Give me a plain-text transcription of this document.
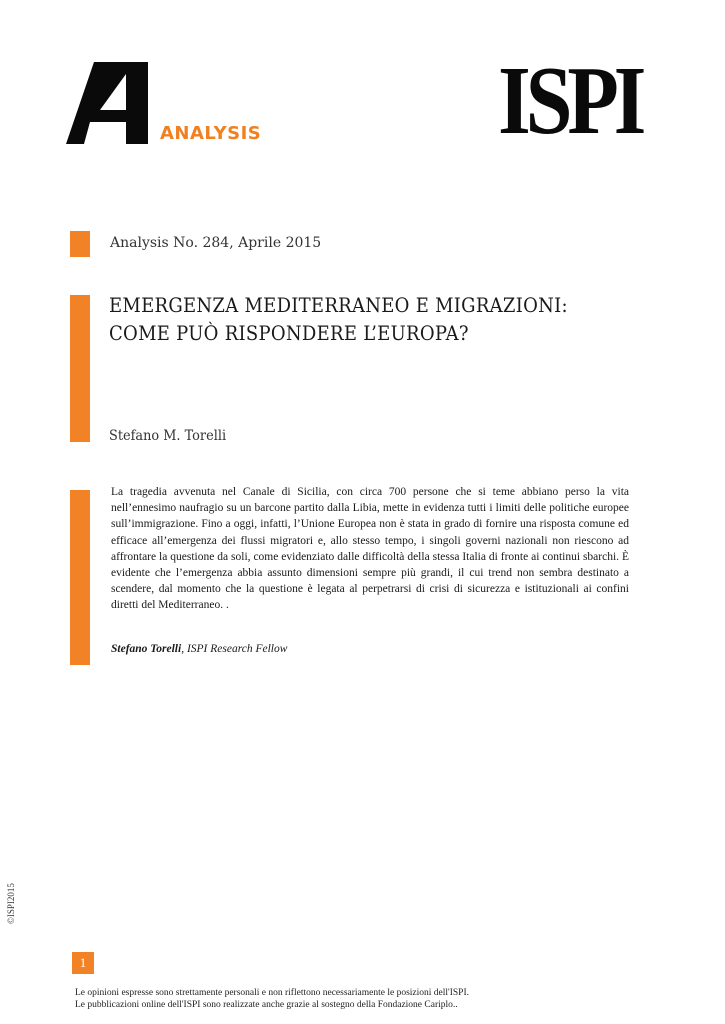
ANALYSIS ISPI
Analysis No. 284, Aprile 2015
EMERGENZA MEDITERRANEO E MIGRAZIONI:
COME PUÒ RISPONDERE L’EUROPA?
Stefano M. Torelli
La tragedia avvenuta nel Canale di Sicilia, con circa 700 persone che si teme abbiano perso la vita nell’ennesimo naufragio su un barcone partito dalla Libia, mette in evidenza tutti i limiti delle politiche europee sull’immigrazione. Fino a oggi, infatti, l’Unione Europea non è stata in grado di fornire una risposta comune ed efficace all’emergenza dei flussi migratori e, allo stesso tempo, i singoli governi nazionali non riescono ad affrontare la questione da soli, come evidenziato dalle difficoltà della stessa Italia di fronte ai continui sbarchi. È evidente che l’emergenza abbia assunto dimensioni sempre più grandi, il cui trend non sembra destinato a scendere, dal momento che la questione è legata al perpetrarsi di crisi di sicurezza e istituzionali ai confini diretti del Mediterraneo. .
Stefano Torelli, ISPI Research Fellow
©ISPI2015
1
Le opinioni espresse sono strettamente personali e non riflettono necessariamente le posizioni dell'ISPI.
Le pubblicazioni online dell'ISPI sono realizzate anche grazie al sostegno della Fondazione Cariplo..
